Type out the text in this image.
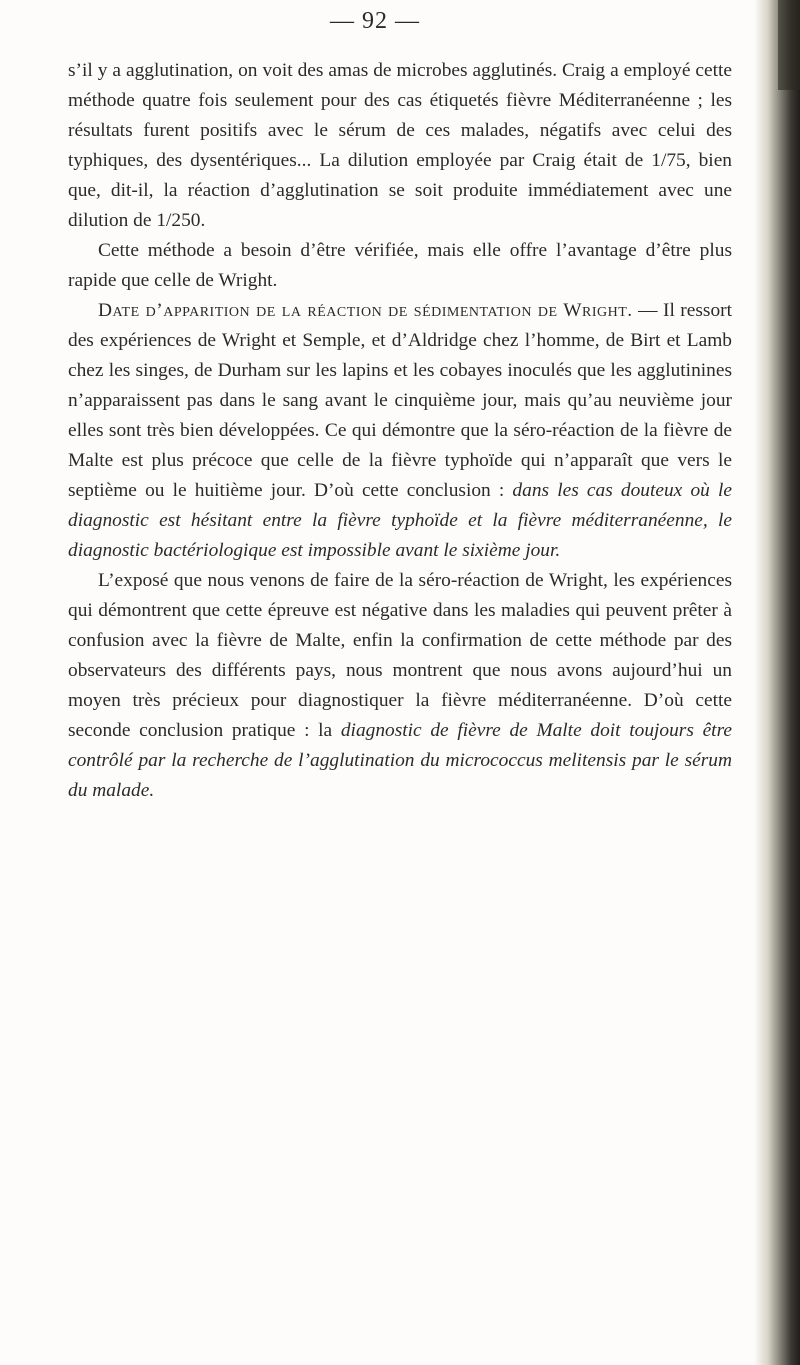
— 92 —

s’il y a agglutination, on voit des amas de microbes agglutinés. Craig a employé cette méthode quatre fois seulement pour des cas étiquetés fièvre Méditerranéenne ; les résultats furent positifs avec le sérum de ces malades, négatifs avec celui des typhiques, des dysentériques... La dilution employée par Craig était de 1/75, bien que, dit-il, la réaction d’agglutination se soit produite immédiatement avec une dilution de 1/250.

Cette méthode a besoin d’être vérifiée, mais elle offre l’avantage d’être plus rapide que celle de Wright.

Date d’apparition de la réaction de sédimentation de Wright. — Il ressort des expériences de Wright et Semple, et d’Aldridge chez l’homme, de Birt et Lamb chez les singes, de Durham sur les lapins et les cobayes inoculés que les agglutinines n’apparaissent pas dans le sang avant le cinquième jour, mais qu’au neuvième jour elles sont très bien développées. Ce qui démontre que la séro-réaction de la fièvre de Malte est plus précoce que celle de la fièvre typhoïde qui n’apparaît que vers le septième ou le huitième jour. D’où cette conclusion : dans les cas douteux où le diagnostic est hésitant entre la fièvre typhoïde et la fièvre méditerranéenne, le diagnostic bactériologique est impossible avant le sixième jour.

L’exposé que nous venons de faire de la séro-réaction de Wright, les expériences qui démontrent que cette épreuve est négative dans les maladies qui peuvent prêter à confusion avec la fièvre de Malte, enfin la confirmation de cette méthode par des observateurs des différents pays, nous montrent que nous avons aujourd’hui un moyen très précieux pour diagnostiquer la fièvre méditerranéenne. D’où cette seconde conclusion pratique : la diagnostic de fièvre de Malte doit toujours être contrôlé par la recherche de l’agglutination du micrococcus melitensis par le sérum du malade.
